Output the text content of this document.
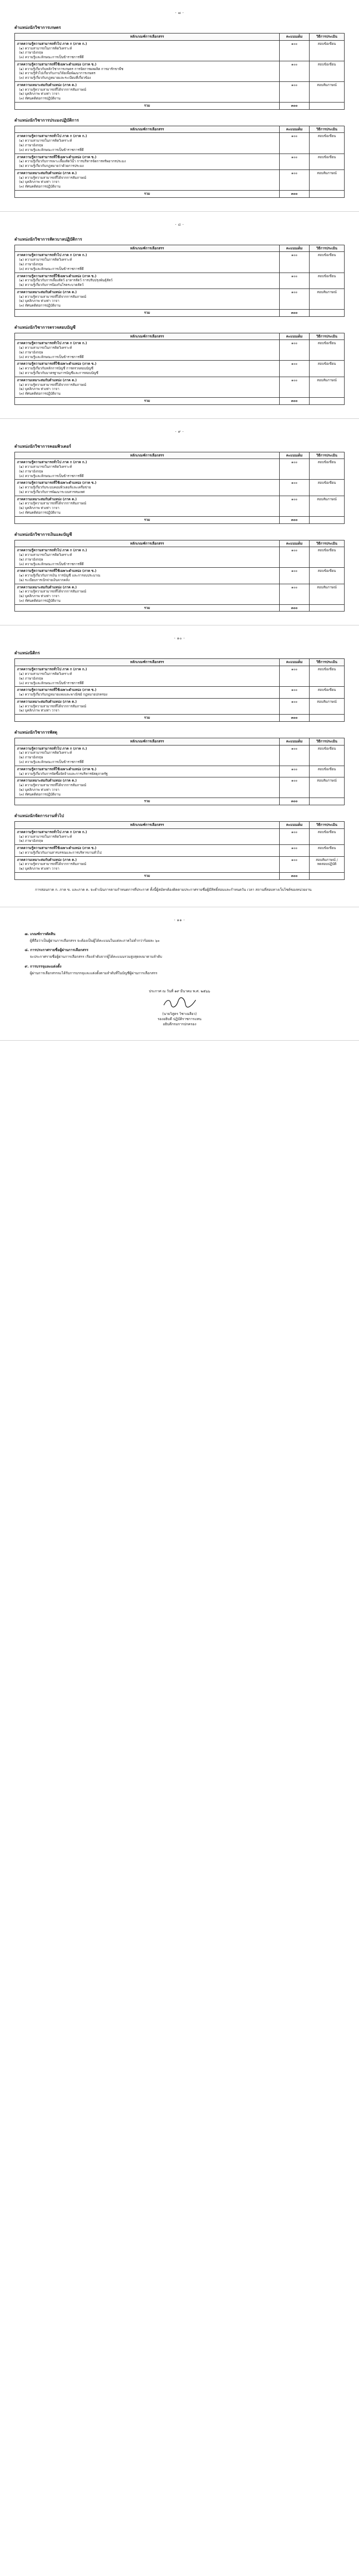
- ๗ -
ตำแหน่งนักวิชาการเกษตร
หลักเกณฑ์การเลือกสรร	คะแนนเต็ม	วิธีการประเมิน

ภาคความรู้ความสามารถทั่วไป ภาค ก (ภาค ก.)
(๑) ความสามารถในการคิดวิเคราะห์
(๒) ภาษาอังกฤษ
(๓) ความรู้และลักษณะการเป็นข้าราชการที่ดี	๑๐๐	สอบข้อเขียน

ภาคความรู้ความสามารถที่ใช้เฉพาะตำแหน่ง (ภาค ข.)
(๑) ความรู้เกี่ยวกับหลักวิชาการเกษตร การจัดการผลผลิต การอารักขาพืช
(๒) ความรู้ทั่วไปเกี่ยวกับงานวิจัยเพื่อพัฒนาการเกษตร
(๓) ความรู้เกี่ยวกับกฎหมายและระเบียบที่เกี่ยวข้อง	๑๐๐	สอบข้อเขียน

ภาคความเหมาะสมกับตำแหน่ง (ภาค ค.)
(๑) ความรู้ความสามารถที่ได้จากการสัมภาษณ์
(๒) บุคลิกภาพ ท่วงท่า วาจา
(๓) ทัศนคติต่อการปฏิบัติงาน	๑๐๐	สอบสัมภาษณ์
รวม	๓๐๐	
ตำแหน่งนักวิชาการประมงปฏิบัติการ
หลักเกณฑ์การเลือกสรร	คะแนนเต็ม	วิธีการประเมิน

ภาคความรู้ความสามารถทั่วไป ภาค ก (ภาค ก.)
(๑) ความสามารถในการคิดวิเคราะห์
(๒) ภาษาอังกฤษ
(๓) ความรู้และลักษณะการเป็นข้าราชการที่ดี	๑๐๐	สอบข้อเขียน

ภาคความรู้ความสามารถที่ใช้เฉพาะตำแหน่ง (ภาค ข.)
(๑) ความรู้เกี่ยวกับการเพาะเลี้ยงสัตว์น้ำ การบริหารจัดการทรัพยากรประมง
(๒) ความรู้เกี่ยวกับกฎหมายว่าด้วยการประมง	๑๐๐	สอบข้อเขียน

ภาคความเหมาะสมกับตำแหน่ง (ภาค ค.)
(๑) ความรู้ความสามารถที่ได้จากการสัมภาษณ์
(๒) บุคลิกภาพ ท่วงท่า วาจา
(๓) ทัศนคติต่อการปฏิบัติงาน	๑๐๐	สอบสัมภาษณ์
รวม	๓๐๐	
- ๘ -
ตำแหน่งนักวิชาการสัตวบาลปฏิบัติการ
หลักเกณฑ์การเลือกสรร	คะแนนเต็ม	วิธีการประเมิน

ภาคความรู้ความสามารถทั่วไป ภาค ก (ภาค ก.)
(๑) ความสามารถในการคิดวิเคราะห์
(๒) ภาษาอังกฤษ
(๓) ความรู้และลักษณะการเป็นข้าราชการที่ดี	๑๐๐	สอบข้อเขียน

ภาคความรู้ความสามารถที่ใช้เฉพาะตำแหน่ง (ภาค ข.)
(๑) ความรู้เกี่ยวกับการเลี้ยงสัตว์ อาหารสัตว์ การปรับปรุงพันธุ์สัตว์
(๒) ความรู้เกี่ยวกับการป้องกันโรคระบาดสัตว์	๑๐๐	สอบข้อเขียน

ภาคความเหมาะสมกับตำแหน่ง (ภาค ค.)
(๑) ความรู้ความสามารถที่ได้จากการสัมภาษณ์
(๒) บุคลิกภาพ ท่วงท่า วาจา
(๓) ทัศนคติต่อการปฏิบัติงาน	๑๐๐	สอบสัมภาษณ์
รวม	๓๐๐	
ตำแหน่งนักวิชาการตรวจสอบบัญชี
หลักเกณฑ์การเลือกสรร	คะแนนเต็ม	วิธีการประเมิน

ภาคความรู้ความสามารถทั่วไป ภาค ก (ภาค ก.)
(๑) ความสามารถในการคิดวิเคราะห์
(๒) ภาษาอังกฤษ
(๓) ความรู้และลักษณะการเป็นข้าราชการที่ดี	๑๐๐	สอบข้อเขียน

ภาคความรู้ความสามารถที่ใช้เฉพาะตำแหน่ง (ภาค ข.)
(๑) ความรู้เกี่ยวกับหลักการบัญชี การตรวจสอบบัญชี
(๒) ความรู้เกี่ยวกับมาตรฐานการบัญชีและการสอบบัญชี	๑๐๐	สอบข้อเขียน

ภาคความเหมาะสมกับตำแหน่ง (ภาค ค.)
(๑) ความรู้ความสามารถที่ได้จากการสัมภาษณ์
(๒) บุคลิกภาพ ท่วงท่า วาจา
(๓) ทัศนคติต่อการปฏิบัติงาน	๑๐๐	สอบสัมภาษณ์
รวม	๓๐๐	
- ๙ -
ตำแหน่งนักวิชาการคอมพิวเตอร์
หลักเกณฑ์การเลือกสรร	คะแนนเต็ม	วิธีการประเมิน

ภาคความรู้ความสามารถทั่วไป ภาค ก (ภาค ก.)
(๑) ความสามารถในการคิดวิเคราะห์
(๒) ภาษาอังกฤษ
(๓) ความรู้และลักษณะการเป็นข้าราชการที่ดี	๑๐๐	สอบข้อเขียน

ภาคความรู้ความสามารถที่ใช้เฉพาะตำแหน่ง (ภาค ข.)
(๑) ความรู้เกี่ยวกับระบบคอมพิวเตอร์และเครือข่าย
(๒) ความรู้เกี่ยวกับการพัฒนาระบบสารสนเทศ	๑๐๐	สอบข้อเขียน

ภาคความเหมาะสมกับตำแหน่ง (ภาค ค.)
(๑) ความรู้ความสามารถที่ได้จากการสัมภาษณ์
(๒) บุคลิกภาพ ท่วงท่า วาจา
(๓) ทัศนคติต่อการปฏิบัติงาน	๑๐๐	สอบสัมภาษณ์
รวม	๓๐๐	
ตำแหน่งนักวิชาการเงินและบัญชี
หลักเกณฑ์การเลือกสรร	คะแนนเต็ม	วิธีการประเมิน

ภาคความรู้ความสามารถทั่วไป ภาค ก (ภาค ก.)
(๑) ความสามารถในการคิดวิเคราะห์
(๒) ภาษาอังกฤษ
(๓) ความรู้และลักษณะการเป็นข้าราชการที่ดี	๑๐๐	สอบข้อเขียน

ภาคความรู้ความสามารถที่ใช้เฉพาะตำแหน่ง (ภาค ข.)
(๑) ความรู้เกี่ยวกับการเงิน การบัญชี และการงบประมาณ
(๒) ระเบียบการเบิกจ่ายเงินจากคลัง	๑๐๐	สอบข้อเขียน

ภาคความเหมาะสมกับตำแหน่ง (ภาค ค.)
(๑) ความรู้ความสามารถที่ได้จากการสัมภาษณ์
(๒) บุคลิกภาพ ท่วงท่า วาจา
(๓) ทัศนคติต่อการปฏิบัติงาน	๑๐๐	สอบสัมภาษณ์
รวม	๓๐๐	
- ๑๐ -
ตำแหน่งนิติกร
หลักเกณฑ์การเลือกสรร	คะแนนเต็ม	วิธีการประเมิน

ภาคความรู้ความสามารถทั่วไป ภาค ก (ภาค ก.)
(๑) ความสามารถในการคิดวิเคราะห์
(๒) ภาษาอังกฤษ
(๓) ความรู้และลักษณะการเป็นข้าราชการที่ดี	๑๐๐	สอบข้อเขียน

ภาคความรู้ความสามารถที่ใช้เฉพาะตำแหน่ง (ภาค ข.)
(๑) ความรู้เกี่ยวกับกฎหมายแพ่งและพาณิชย์ กฎหมายปกครอง	๑๐๐	สอบข้อเขียน

ภาคความเหมาะสมกับตำแหน่ง (ภาค ค.)
(๑) ความรู้ความสามารถที่ได้จากการสัมภาษณ์
(๒) บุคลิกภาพ ท่วงท่า วาจา	๑๐๐	สอบสัมภาษณ์
รวม	๓๐๐	
ตำแหน่งนักวิชาการพัสดุ
หลักเกณฑ์การเลือกสรร	คะแนนเต็ม	วิธีการประเมิน

ภาคความรู้ความสามารถทั่วไป ภาค ก (ภาค ก.)
(๑) ความสามารถในการคิดวิเคราะห์
(๒) ภาษาอังกฤษ
(๓) ความรู้และลักษณะการเป็นข้าราชการที่ดี	๑๐๐	สอบข้อเขียน

ภาคความรู้ความสามารถที่ใช้เฉพาะตำแหน่ง (ภาค ข.)
(๑) ความรู้เกี่ยวกับการจัดซื้อจัดจ้างและการบริหารพัสดุภาครัฐ	๑๐๐	สอบข้อเขียน

ภาคความเหมาะสมกับตำแหน่ง (ภาค ค.)
(๑) ความรู้ความสามารถที่ได้จากการสัมภาษณ์
(๒) บุคลิกภาพ ท่วงท่า วาจา
(๓) ทัศนคติต่อการปฏิบัติงาน	๑๐๐	สอบสัมภาษณ์
รวม	๓๐๐	
ตำแหน่งนักจัดการงานทั่วไป
หลักเกณฑ์การเลือกสรร	คะแนนเต็ม	วิธีการประเมิน

ภาคความรู้ความสามารถทั่วไป ภาค ก (ภาค ก.)
(๑) ความสามารถในการคิดวิเคราะห์
(๒) ภาษาอังกฤษ	๑๐๐	สอบข้อเขียน

ภาคความรู้ความสามารถที่ใช้เฉพาะตำแหน่ง (ภาค ข.)
(๑) ความรู้เกี่ยวกับงานสารบรรณและการบริหารงานทั่วไป	๑๐๐	สอบข้อเขียน

ภาคความเหมาะสมกับตำแหน่ง (ภาค ค.)
(๑) ความรู้ความสามารถที่ได้จากการสัมภาษณ์
(๒) บุคลิกภาพ ท่วงท่า วาจา	๑๐๐	สอบสัมภาษณ์ / ทดสอบปฏิบัติ
รวม	๓๐๐	

การสอบภาค ก. ภาค ข. และภาค ค. จะดำเนินการตามกำหนดการที่ประกาศ ทั้งนี้ผู้สมัครต้องติดตามประกาศรายชื่อผู้มีสิทธิ์สอบและกำหนดวัน เวลา สถานที่สอบทางเว็บไซต์ของหน่วยงาน

- ๑๑ -
๗. เกณฑ์การตัดสิน

ผู้ที่ถือว่าเป็นผู้ผ่านการเลือกสรร จะต้องเป็นผู้ได้คะแนนในแต่ละภาคไม่ต่ำกว่าร้อยละ ๖๐

๘. การประกาศรายชื่อผู้ผ่านการเลือกสรร

จะประกาศรายชื่อผู้ผ่านการเลือกสรร เรียงลำดับจากผู้ได้คะแนนรวมสูงสุดลงมาตามลำดับ

๙. การบรรจุและแต่งตั้ง

ผู้ผ่านการเลือกสรรจะได้รับการบรรจุและแต่งตั้งตามลำดับที่ในบัญชีผู้ผ่านการเลือกสรร

ประกาศ ณ วันที่ ๑๙ มีนาคม พ.ศ. ๒๕๖๖
(นายวิสูตร วิชาเฉลียว)
รองอธิบดี ปฏิบัติราชการแทน
อธิบดีกรมการปกครอง
